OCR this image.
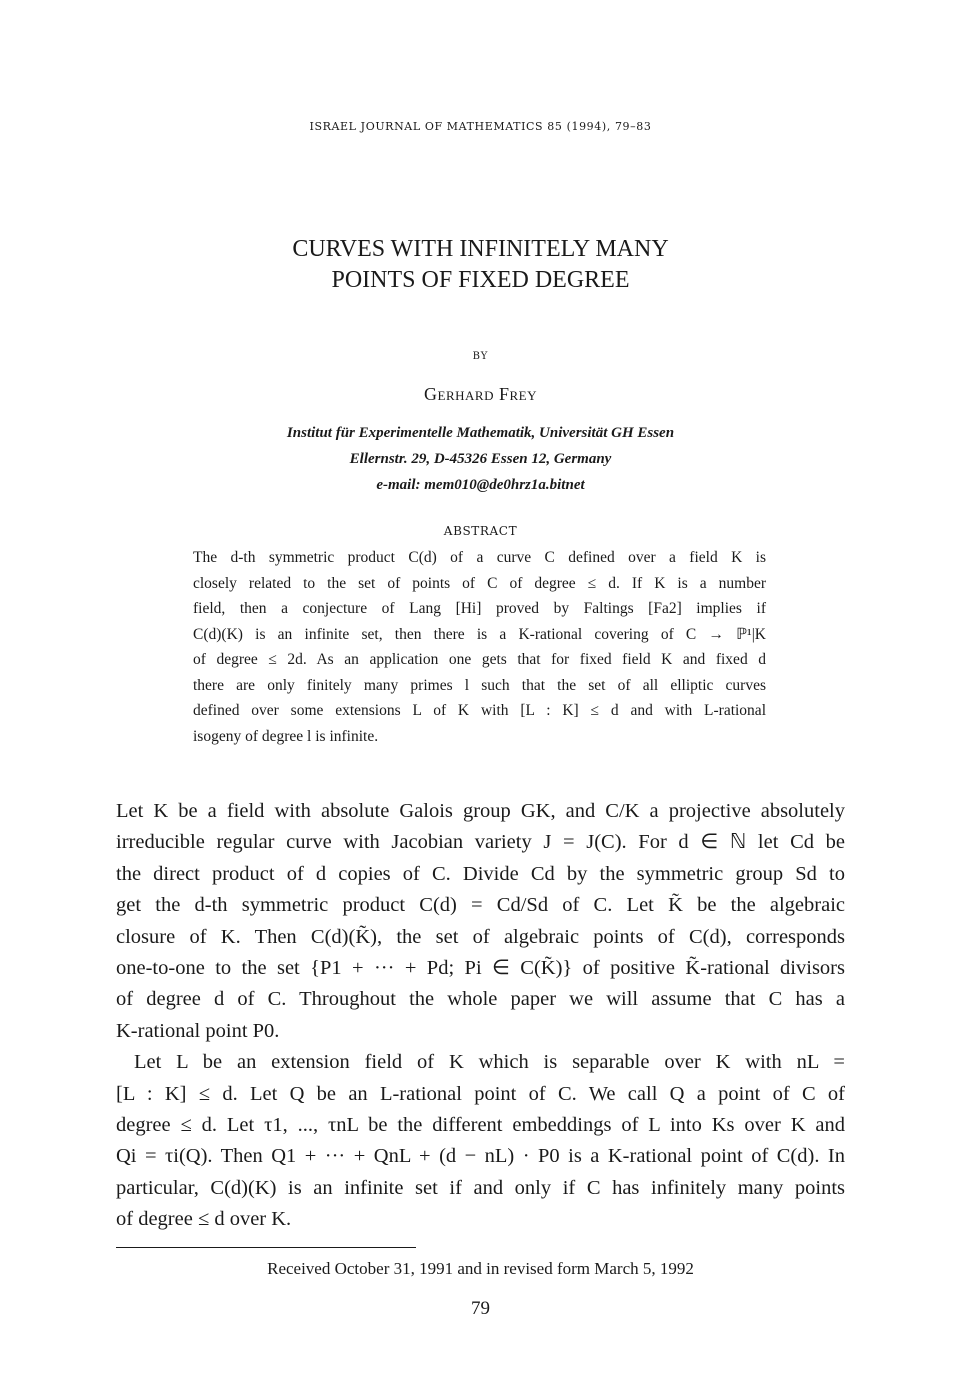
ISRAEL JOURNAL OF MATHEMATICS 85 (1994), 79–83
CURVES WITH INFINITELY MANY
POINTS OF FIXED DEGREE
BY
Gerhard Frey
Institut für Experimentelle Mathematik, Universität GH Essen
Ellernstr. 29, D-45326 Essen 12, Germany
e-mail: mem010@de0hrz1a.bitnet
ABSTRACT
The d-th symmetric product C(d) of a curve C defined over a field K is
closely related to the set of points of C of degree ≤ d. If K is a number
field, then a conjecture of Lang [Hi] proved by Faltings [Fa2] implies if
C(d)(K) is an infinite set, then there is a K-rational covering of C → ℙ¹|K
of degree ≤ 2d. As an application one gets that for fixed field K and fixed d
there are only finitely many primes l such that the set of all elliptic curves
defined over some extensions L of K with [L : K] ≤ d and with L-rational
isogeny of degree l is infinite.
Let K be a field with absolute Galois group GK, and C/K a projective absolutely
irreducible regular curve with Jacobian variety J = J(C). For d ∈ ℕ let Cd be
the direct product of d copies of C. Divide Cd by the symmetric group Sd to
get the d-th symmetric product C(d) = Cd/Sd of C. Let K̃ be the algebraic
closure of K. Then C(d)(K̃), the set of algebraic points of C(d), corresponds
one-to-one to the set {P1 + ··· + Pd; Pi ∈ C(K̃)} of positive K̃-rational divisors
of degree d of C. Throughout the whole paper we will assume that C has a
K-rational point P0.
Let L be an extension field of K which is separable over K with nL =
[L : K] ≤ d. Let Q be an L-rational point of C. We call Q a point of C of
degree ≤ d. Let τ1, ..., τnL be the different embeddings of L into Ks over K and
Qi = τi(Q). Then Q1 + ··· + QnL + (d − nL) · P0 is a K-rational point of C(d). In
particular, C(d)(K) is an infinite set if and only if C has infinitely many points
of degree ≤ d over K.
Received October 31, 1991 and in revised form March 5, 1992
79
